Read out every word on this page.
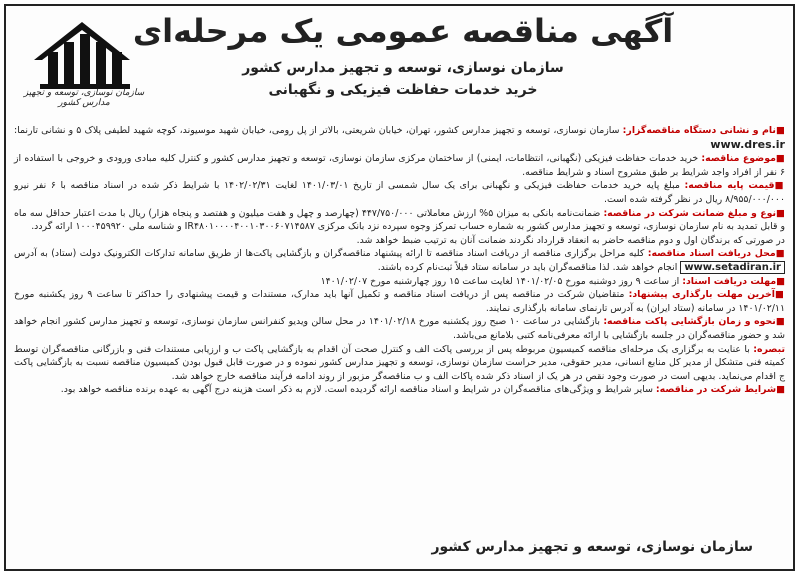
آگهی مناقصه عمومی یک مرحله‌ای
سازمان نوسازی، توسعه و تجهیز مدارس کشور
خرید خدمات حفاظت فیزیکی و نگهبانی
سازمان نوسازی، توسعه و تجهیز مدارس کشور

■نام و نشانی دستگاه مناقصه‌گزار: سازمان نوسازی، توسعه و تجهیز مدارس کشور، تهران، خیابان شریعتی، بالاتر از پل رومی، خیابان شهید موسیوند، کوچه شهید لطیفی پلاک ۵ و نشانی تارنما: www.dres.ir

■موضوع مناقصه: خرید خدمات حفاظت فیزیکی (نگهبانی، انتظامات، ایمنی) از ساختمان مرکزی سازمان نوسازی، توسعه و تجهیز مدارس کشور و کنترل کلیه مبادی ورودی و خروجی با استفاده از ۶ نفر از افراد واجد شرایط بر طبق مشروح اسناد و شرایط مناقصه.

■قیمت پایه مناقصه: مبلغ پایه خرید خدمات حفاظت فیزیکی و نگهبانی برای یک سال شمسی از تاریخ ۱۴۰۱/۰۳/۰۱ لغایت ۱۴۰۲/۰۲/۳۱ با شرایط ذکر شده در اسناد مناقصه با ۶ نفر نیرو ۸/۹۵۵/۰۰۰/۰۰۰ ریال در نظر گرفته شده است.

■نوع و مبلغ ضمانت شرکت در مناقصه: ضمانت‌نامه بانکی به میزان ۵% ارزش معاملاتی ۴۴۷/۷۵۰/۰۰۰ (چهارصد و چهل و هفت میلیون و هفتصد و پنجاه هزار) ریال با مدت اعتبار حداقل سه ماه و قابل تمدید به نام سازمان نوسازی، توسعه و تجهیز مدارس کشور به شماره حساب تمرکز وجوه سپرده نزد بانک مرکزی IR۴۸۰۱۰۰۰۰۴۰۰۱۰۳۰۰۶۰۷۱۴۵۸۷ و شناسه ملی ۱۰۰۰۴۵۹۹۲۰ ارائه گردد.

در صورتی که برندگان اول و دوم مناقصه حاضر به انعقاد قرارداد نگردند ضمانت آنان به ترتیب ضبط خواهد شد.

■محل دریافت اسناد مناقصه: کلیه مراحل برگزاری مناقصه از دریافت اسناد مناقصه تا ارائه پیشنهاد مناقصه‌گران و بازگشایی پاکت‌ها از طریق سامانه تدارکات الکترونیک دولت (ستاد) به آدرس www.setadiran.ir انجام خواهد شد. لذا مناقصه‌گران باید در سامانه ستاد قبلاً ثبت‌نام کرده باشند.

■مهلت دریافت اسناد: از ساعت ۹ روز دوشنبه مورخ ۱۴۰۱/۰۲/۰۵ لغایت ساعت ۱۵ روز چهارشنبه مورخ ۱۴۰۱/۰۲/۰۷

■آخرین مهلت بارگذاری پیشنهاد: متقاضیان شرکت در مناقصه پس از دریافت اسناد مناقصه و تکمیل آنها باید مدارک، مستندات و قیمت پیشنهادی را حداکثر تا ساعت ۹ روز یکشنبه مورخ ۱۴۰۱/۰۲/۱۱ در سامانه (ستاد ایران) به آدرس تارنمای سامانه بارگذاری نمایند.

■نحوه و زمان بازگشایی پاکت مناقصه: بازگشایی در ساعت ۱۰ صبح روز یکشنبه مورخ ۱۴۰۱/۰۲/۱۸ در محل سالن ویدیو کنفرانس سازمان نوسازی، توسعه و تجهیز مدارس کشور انجام خواهد شد و حضور مناقصه‌گران در جلسه بازگشایی با ارائه معرفی‌نامه کتبی بلامانع می‌باشد.

تبصره: با عنایت به برگزاری یک مرحله‌ای مناقصه کمیسیون مربوطه پس از بررسی پاکت الف و کنترل صحت آن اقدام به بازگشایی پاکت ب و ارزیابی مستندات فنی و بازرگانی مناقصه‌گران توسط کمیته فنی متشکل از مدیر کل منابع انسانی، مدیر حقوقی، مدیر حراست سازمان نوسازی، توسعه و تجهیز مدارس کشور نموده و در صورت قابل قبول بودن کمیسیون مناقصه نسبت به بازگشایی پاکت ج اقدام می‌نماید. بدیهی است در صورت وجود نقص در هر یک از اسناد ذکر شده پاکات الف و ب مناقصه‌گر مزبور از روند ادامه فرآیند مناقصه خارج خواهد شد.

■شرایط شرکت در مناقصه: سایر شرایط و ویژگی‌های مناقصه‌گران در شرایط و اسناد مناقصه ارائه گردیده است. لازم به ذکر است هزینه درج آگهی به عهده برنده مناقصه خواهد بود.

سازمان نوسازی، توسعه و تجهیز مدارس کشور
